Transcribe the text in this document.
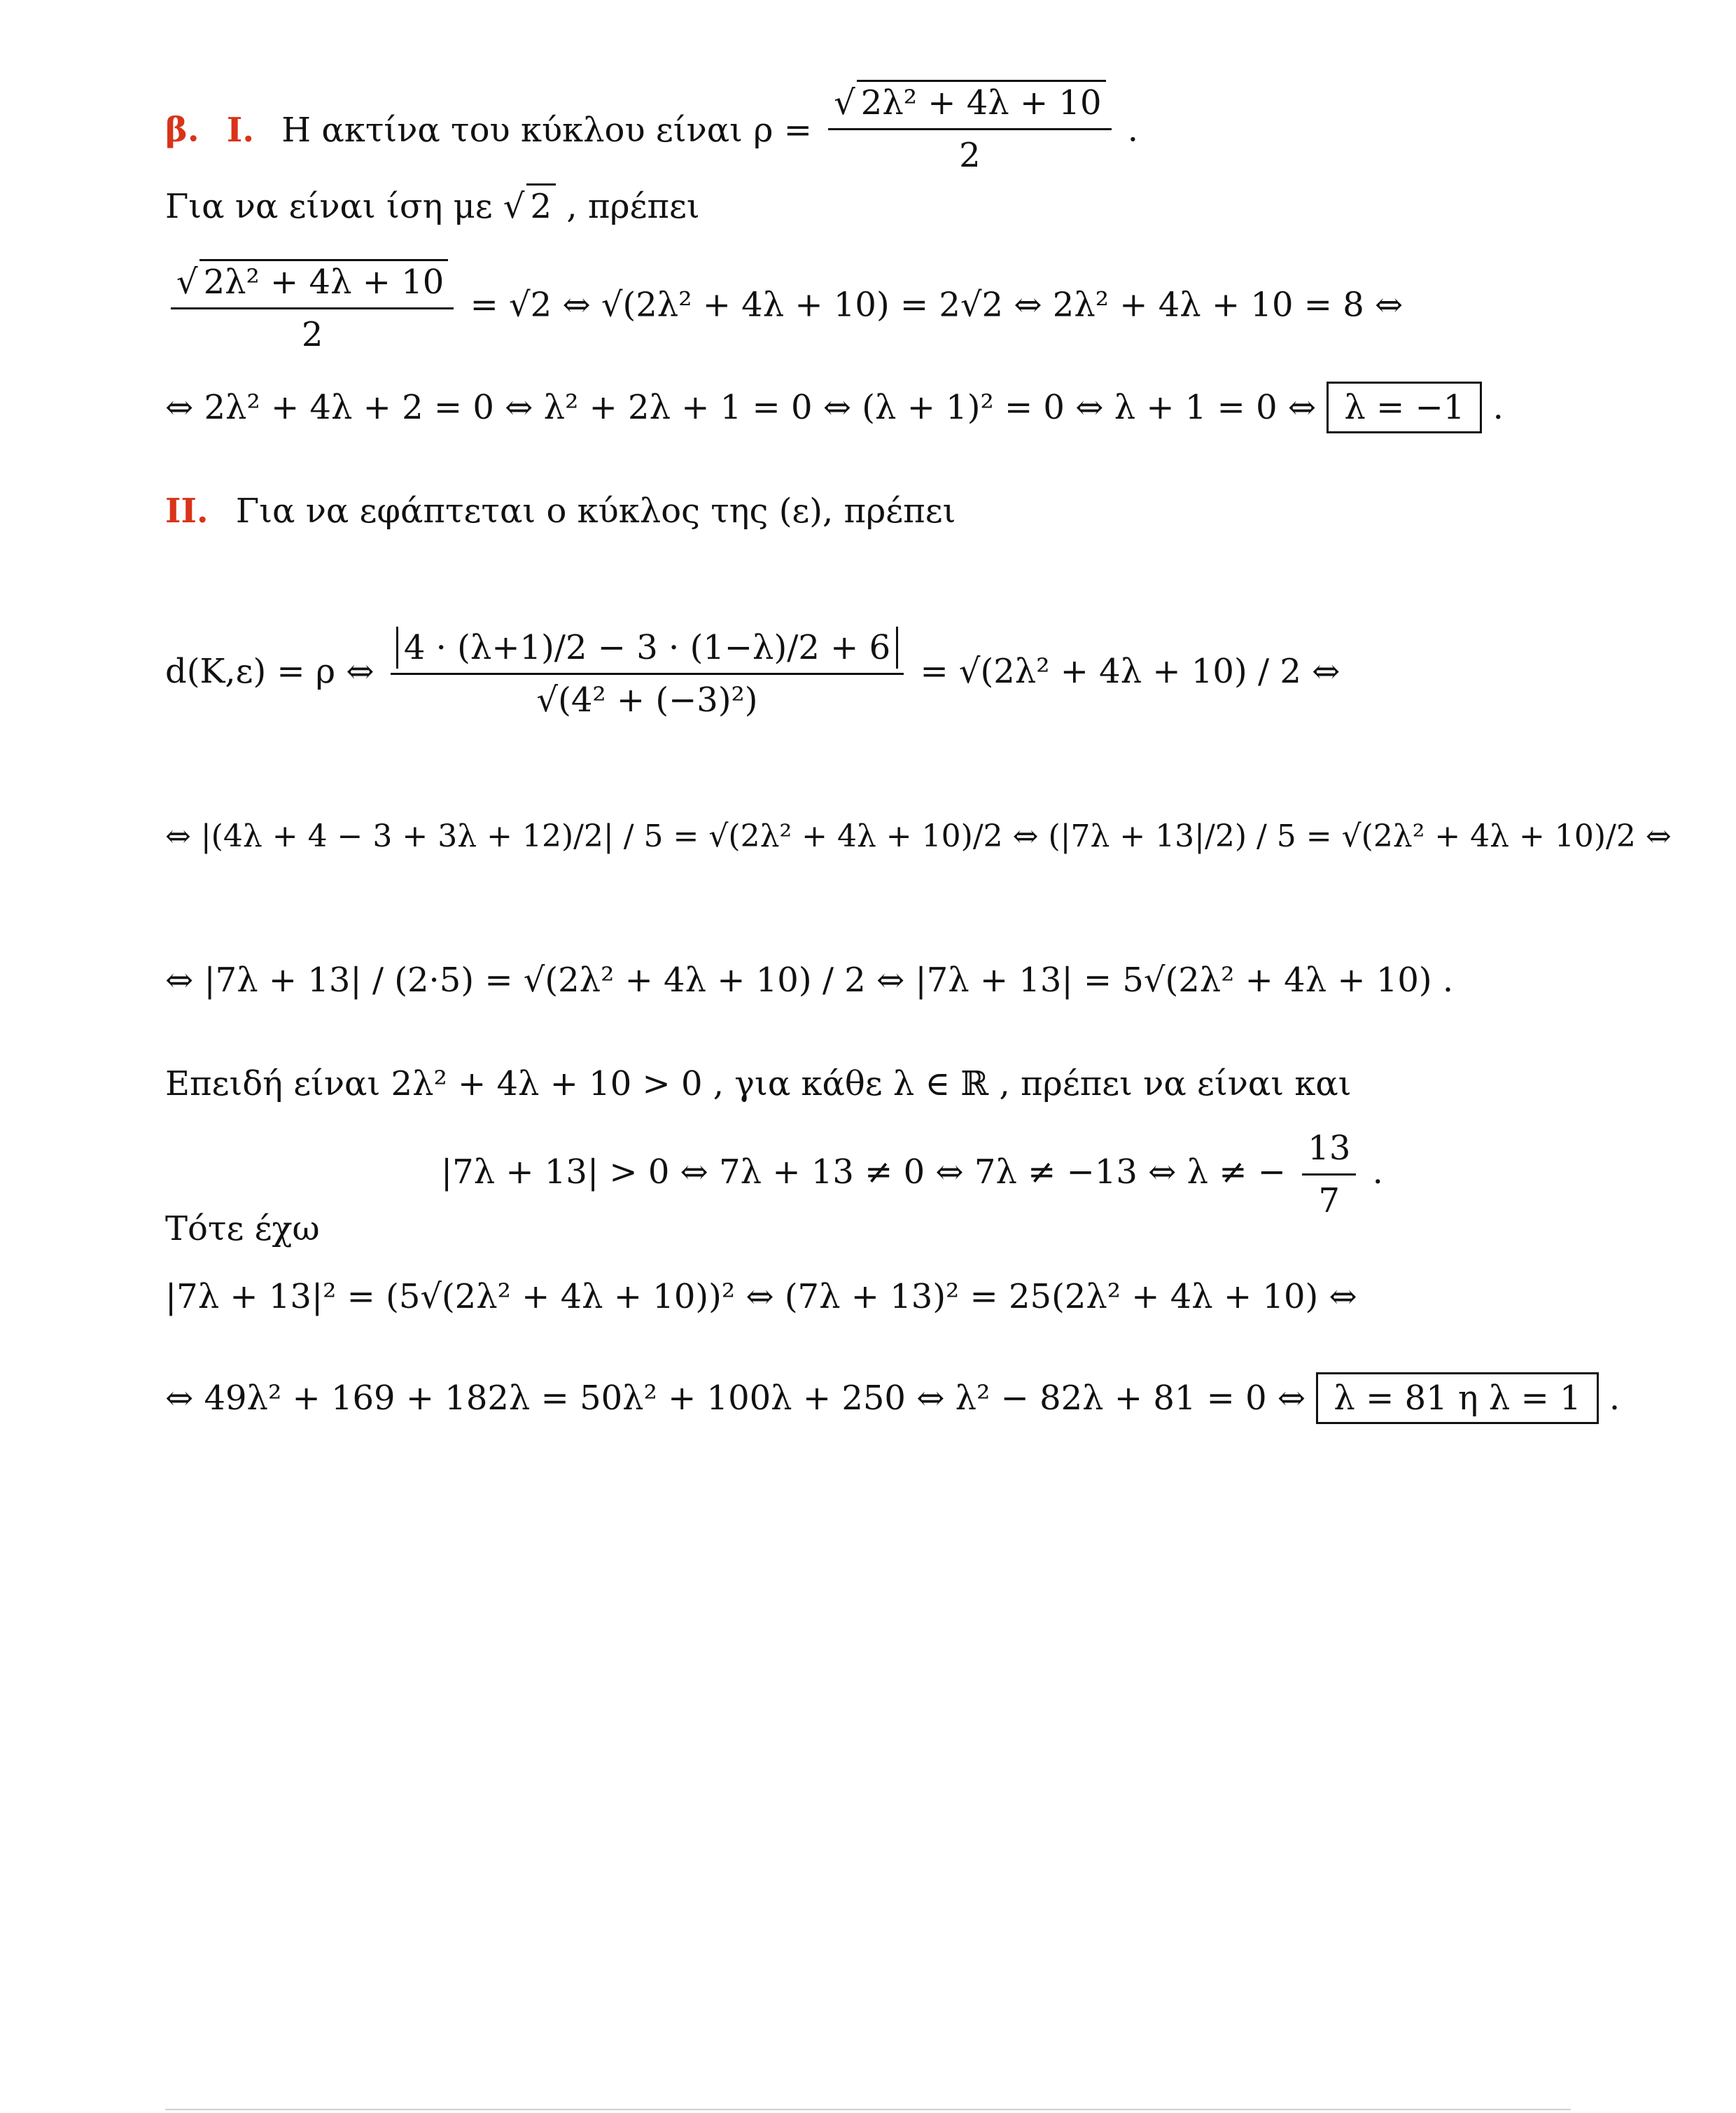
β. Ι. Η ακτίνα του κύκλου είναι $\rho = \frac{\text{√ 2λ² + 4λ + 10}}{2}$ .
Για να είναι ίση με √ 2 , πρέπει
$\frac{\text{√ 2λ² + 4λ + 10}}{2} = √2$ ⇔ √(2λ² + 4λ + 10) = 2√2 ⇔ 2λ² + 4λ + 10 = 8 ⇔
⇔ 2λ² + 4λ + 2 = 0 ⇔ λ² + 2λ + 1 = 0 ⇔ (λ + 1)² = 0 ⇔ λ + 1 = 0 ⇔ λ = −1 .
ΙΙ. Για να εφάπτεται ο κύκλος της (ε), πρέπει
d(Κ,ε) = ρ ⇔ $\frac{4 \cdot (\lambda+1)/2 - 3 \cdot (1-\lambda)/2 + 6}{\text{√(4² + (−3)²)}} = √(2\lambda^2 + 4\lambda + 10) / 2$ ⇔
⇔ |(4λ + 4 − 3 + 3λ + 12)/2| / 5 = √(2λ² + 4λ + 10)/2 ⇔ (|7λ + 13|/2) / 5 = √(2λ² + 4λ + 10)/2 ⇔
⇔ |7λ + 13| / (2·5) = √(2λ² + 4λ + 10) / 2 ⇔ |7λ + 13| = 5√(2λ² + 4λ + 10) .
Επειδή είναι 2λ² + 4λ + 10 > 0 , για κάθε λ ∈ ℝ , πρέπει να είναι και
|7λ + 13| > 0 ⇔ 7λ + 13 ≠ 0 ⇔ 7λ ≠ −13 ⇔ λ ≠ − $\frac{13}{7}$ .
Τότε έχω
|7λ + 13|² = (5√(2λ² + 4λ + 10))² ⇔ (7λ + 13)² = 25(2λ² + 4λ + 10) ⇔
⇔ 49λ² + 169 + 182λ = 50λ² + 100λ + 250 ⇔ λ² − 82λ + 81 = 0 ⇔ λ = 81 η λ = 1 .
